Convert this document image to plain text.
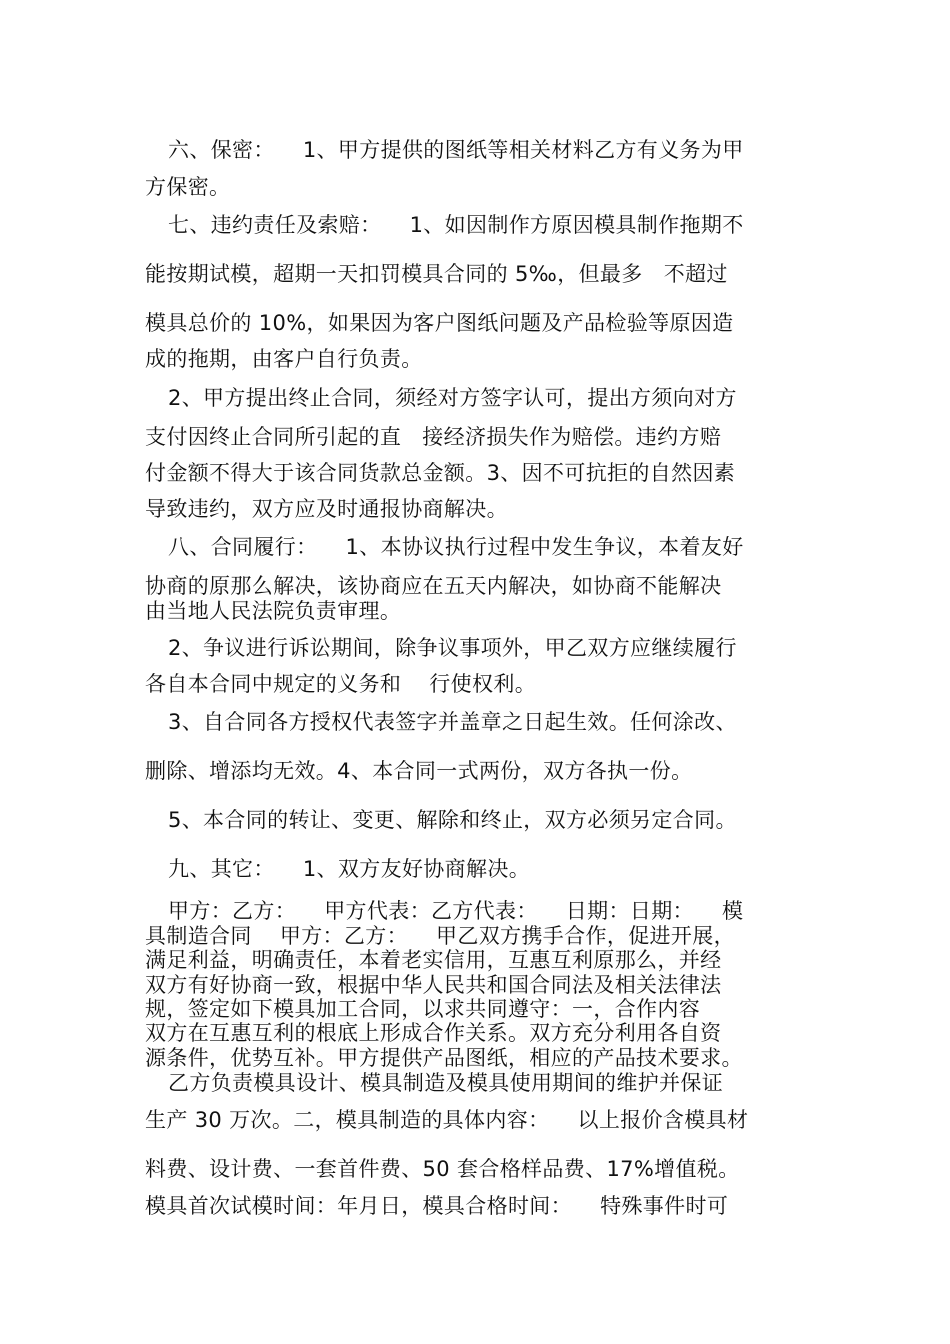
六、保密：    1、甲方提供的图纸等相关材料乙方有义务为甲
方保密。
七、违约责任及索赔：    1、如因制作方原因模具制作拖期不
能按期试模，超期一天扣罚模具合同的 5‰，但最多   不超过
模具总价的 10%，如果因为客户图纸问题及产品检验等原因造
成的拖期，由客户自行负责。
2、甲方提出终止合同，须经对方签字认可，提出方须向对方
支付因终止合同所引起的直   接经济损失作为赔偿。违约方赔
付金额不得大于该合同货款总金额。3、因不可抗拒的自然因素
导致违约，双方应及时通报协商解决。
八、合同履行：    1、本协议执行过程中发生争议，本着友好
协商的原那么解决，该协商应在五天内解决，如协商不能解决
由当地人民法院负责审理。
2、争议进行诉讼期间，除争议事项外，甲乙双方应继续履行
各自本合同中规定的义务和    行使权利。
3、自合同各方授权代表签字并盖章之日起生效。任何涂改、
删除、增添均无效。4、本合同一式两份，双方各执一份。
5、本合同的转让、变更、解除和终止，双方必须另定合同。
九、其它：    1、双方友好协商解决。
甲方：乙方：    甲方代表：乙方代表：    日期：日期：    模
具制造合同    甲方：乙方：    甲乙双方携手合作，促进开展，
满足利益，明确责任，本着老实信用，互惠互利原那么，并经
双方有好协商一致，根据中华人民共和国合同法及相关法律法
规，签定如下模具加工合同，以求共同遵守：一，合作内容
双方在互惠互利的根底上形成合作关系。双方充分利用各自资
源条件，优势互补。甲方提供产品图纸，相应的产品技术要求。
乙方负责模具设计、模具制造及模具使用期间的维护并保证
生产 30 万次。二，模具制造的具体内容：    以上报价含模具材
料费、设计费、一套首件费、50 套合格样品费、17%增值税。
模具首次试模时间：年月日，模具合格时间：    特殊事件时可
